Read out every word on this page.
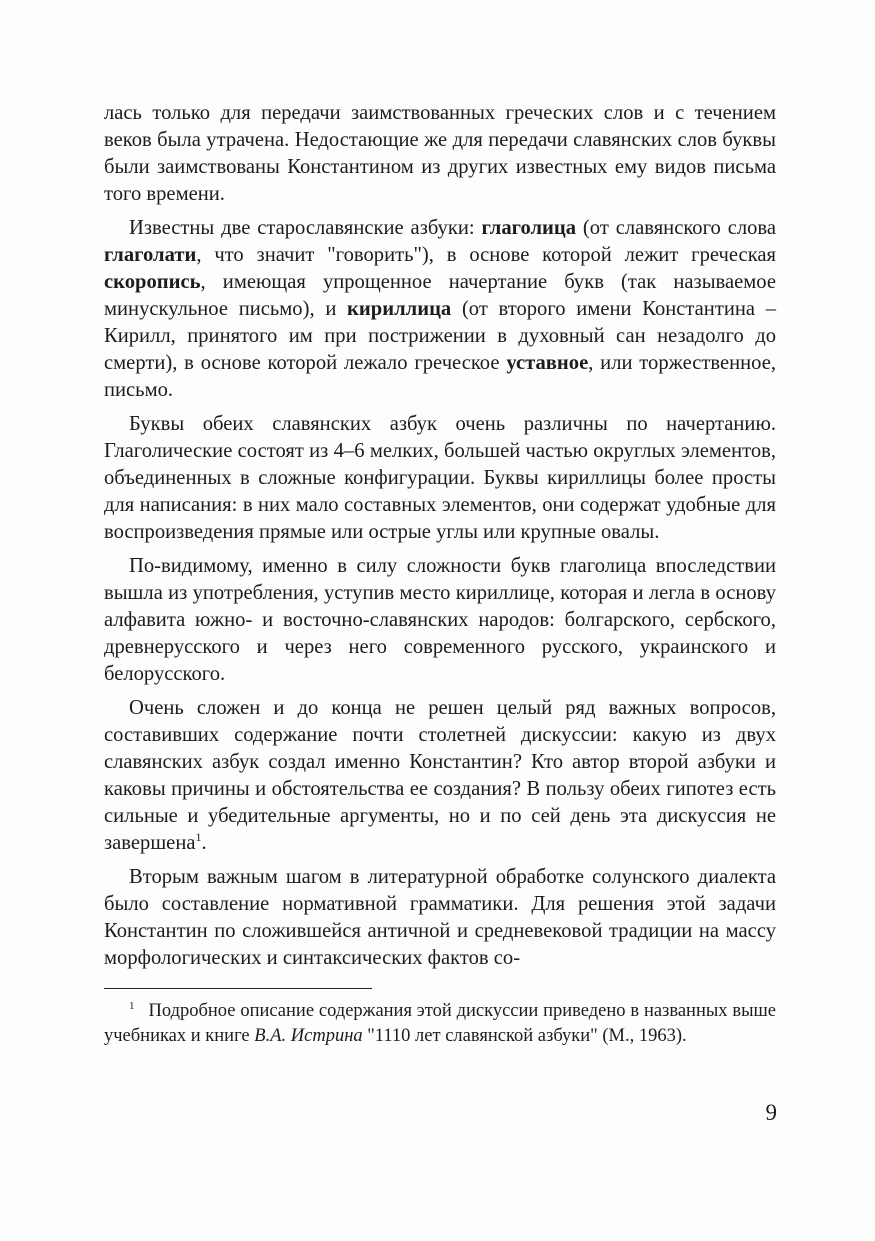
лась только для передачи заимствованных греческих слов и с течением веков была утрачена. Недостающие же для передачи славянских слов буквы были заимствованы Константином из других известных ему видов письма того времени.

Известны две старославянские азбуки: глаголица (от славянского слова глаголати, что значит "говорить"), в основе которой лежит греческая скоропись, имеющая упрощенное начертание букв (так называемое минускульное письмо), и кириллица (от второго имени Константина – Кирилл, принятого им при пострижении в духовный сан незадолго до смерти), в основе которой лежало греческое уставное, или торжественное, письмо.

Буквы обеих славянских азбук очень различны по начертанию. Глаголические состоят из 4–6 мелких, большей частью округлых элементов, объединенных в сложные конфигурации. Буквы кириллицы более просты для написания: в них мало составных элементов, они содержат удобные для воспроизведения прямые или острые углы или крупные овалы.

По-видимому, именно в силу сложности букв глаголица впоследствии вышла из употребления, уступив место кириллице, которая и легла в основу алфавита южно- и восточно-славянских народов: болгарского, сербского, древнерусского и через него современного русского, украинского и белорусского.

Очень сложен и до конца не решен целый ряд важных вопросов, составивших содержание почти столетней дискуссии: какую из двух славянских азбук создал именно Константин? Кто автор второй азбуки и каковы причины и обстоятельства ее создания? В пользу обеих гипотез есть сильные и убедительные аргументы, но и по сей день эта дискуссия не завершена$^1$.

Вторым важным шагом в литературной обработке солунского диалекта было составление нормативной грамматики. Для решения этой задачи Константин по сложившейся античной и средневековой традиции на массу морфологических и синтаксических фактов со-

$^1$ Подробное описание содержания этой дискуссии приведено в названных выше учебниках и книге В.А. Истрина "1110 лет славянской азбуки" (М., 1963).
9
